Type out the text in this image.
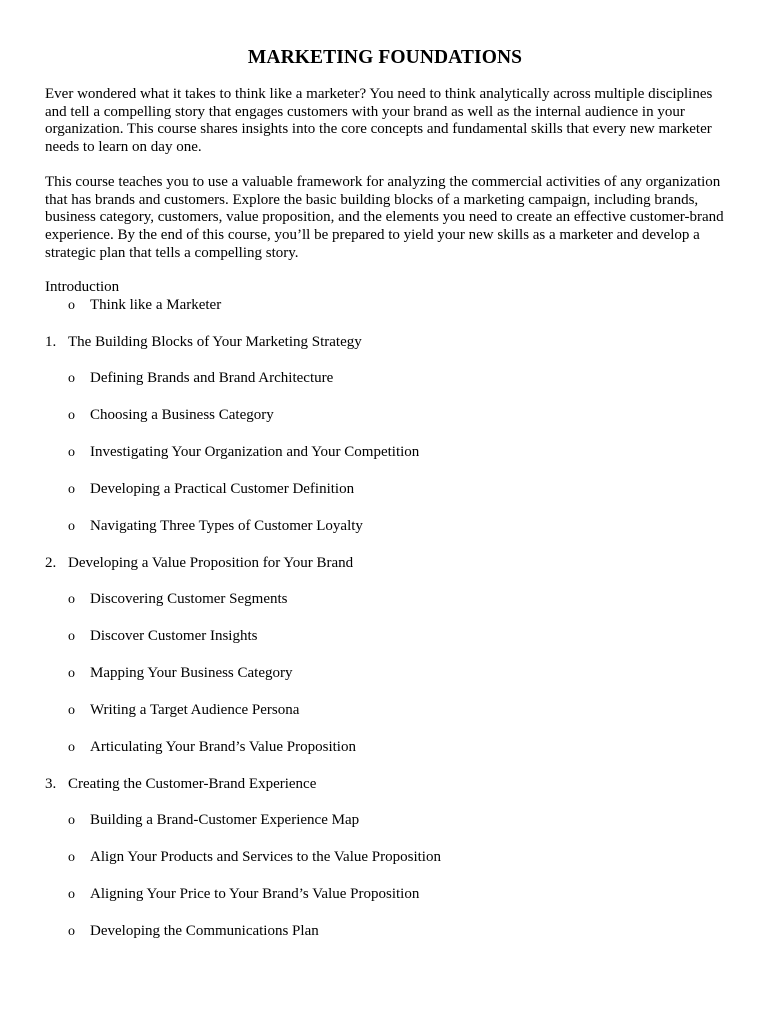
MARKETING FOUNDATIONS

Ever wondered what it takes to think like a marketer? You need to think analytically across multiple disciplines and tell a compelling story that engages customers with your brand as well as the internal audience in your organization. This course shares insights into the core concepts and fundamental skills that every new marketer needs to learn on day one.

This course teaches you to use a valuable framework for analyzing the commercial activities of any organization that has brands and customers. Explore the basic building blocks of a marketing campaign, including brands, business category, customers, value proposition, and the elements you need to create an effective customer-brand experience. By the end of this course, you’ll be prepared to yield your new skills as a marketer and develop a strategic plan that tells a compelling story.

Introduction
o	Think like a Marketer
1. The Building Blocks of Your Marketing Strategy
o	Defining Brands and Brand Architecture
o	Choosing a Business Category
o	Investigating Your Organization and Your Competition
o	Developing a Practical Customer Definition
o	Navigating Three Types of Customer Loyalty
2. Developing a Value Proposition for Your Brand
o	Discovering Customer Segments
o	Discover Customer Insights
o	Mapping Your Business Category
o	Writing a Target Audience Persona
o	Articulating Your Brand’s Value Proposition
3. Creating the Customer-Brand Experience
o	Building a Brand-Customer Experience Map
o	Align Your Products and Services to the Value Proposition
o	Aligning Your Price to Your Brand’s Value Proposition
o	Developing the Communications Plan
